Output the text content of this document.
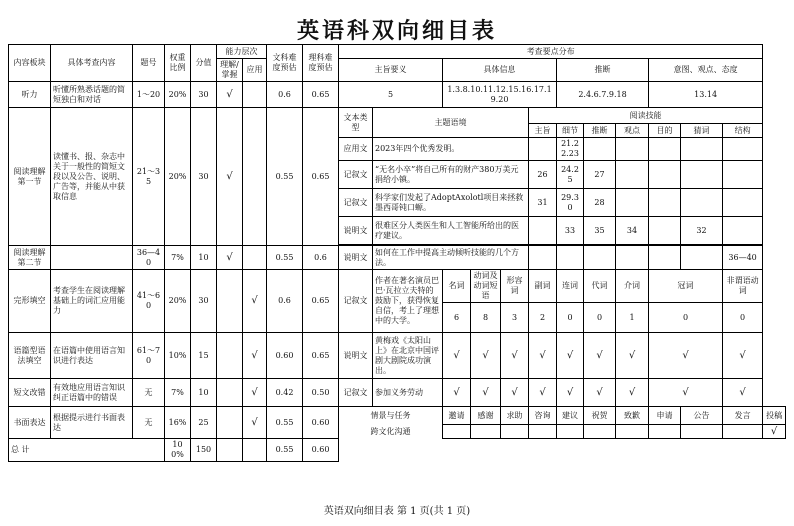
英语科双向细目表
内容板块	具体考查内容	题号	权重比例	分值	能力层次		文科难度预估	理科难度预估	考查要点分布												
					理解/掌握	应用			主旨要义		具体信息				推断			意图、观点、态度			
听力	听懂所熟悉话题的简短独白和对话	1～20	20%	30	√		0.6	0.65	5		1.3.8.10.11.12.15.16.17.19.20				2.4.6.7.9.18			13.14			
阅读理解第一节	读懂书、报、杂志中关于一般性的简短文段以及公告、说明、广告等，并能从中获取信息	21～35	20%	30	√		0.55	0.65	文本类型	主题语境				阅读技能							
														主旨	细节	推断	观点	目的	猜词	结构	
									应用文	2023年四个优秀发明。					21.22.23						
									记叙文	“无名小卒”将自己所有的财产380万美元捐给小镇。				26	24.25	27					
									记叙文	科学家们发起了AdoptAxolotl项目来拯救墨西哥钝口螈。				31	29.30	28					
									说明文	很难区分人类医生和人工智能所给出的医疗建议。					33	35	34		32		

阅读理解第二节		36—40	7%	10	√		0.55	0.6	说明文	如何在工作中提高主动倾听技能的几个方法。										36—40	
完形填空	考查学生在阅读理解基础上的词汇应用能力	41～60	20%	30		√	0.6	0.65	记叙文	作者在著名演员巴巴·瓦拉立夫特的鼓励下，获得恢复自信，考上了理想中的大学。	名词	动词及动词短语	形容词	副词	连词	代词	介词	冠词		非谓语动词	
											6	8	3	2	0	0	1	0		0	
语篇型语法填空	在语篇中使用语言知识进行表达	61～70	10%	15		√	0.60	0.65	说明文	黄梅戏《太阳山上》在北京中国评剧大剧院成功演出。	√	√	√	√	√	√	√	√		√	
短文改错	有效地应用语言知识纠正语篇中的错误	无	7%	10		√	0.42	0.50	记叙文	参加义务劳动	√	√	√	√	√	√	√	√		√	
书面表达	根据提示进行书面表达	无	16%	25		√	0.55	0.60	情景与任务		邀请	感谢	求助	咨询	建议	祝贺	致歉	申请	公告	发言	投稿
									跨文化沟通												√
总 计			100%	150			0.55	0.60													
英语双向细目表 第 1 页(共 1 页)
